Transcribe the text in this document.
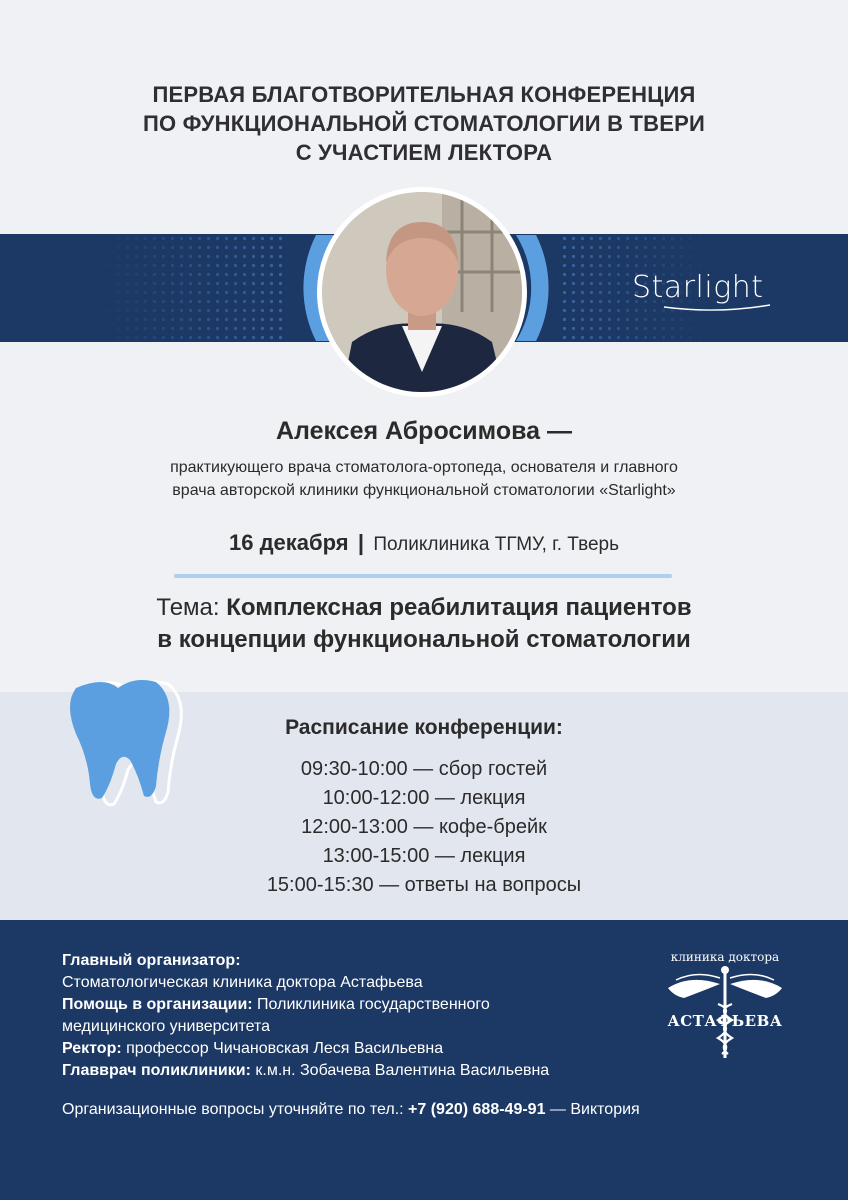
ПЕРВАЯ БЛАГОТВОРИТЕЛЬНАЯ КОНФЕРЕНЦИЯ
ПО ФУНКЦИОНАЛЬНОЙ СТОМАТОЛОГИИ В ТВЕРИ
С УЧАСТИЕМ ЛЕКТОРА
Starlight
Алексея Абросимова —
практикующего врача стоматолога-ортопеда, основателя и главного
врача авторской клиники функциональной стоматологии «Starlight»
16 декабря | Поликлиника ТГМУ, г. Тверь
Тема: Комплексная реабилитация пациентов
в концепции функциональной стоматологии
Расписание конференции:
09:30-10:00 — сбор гостей
10:00-12:00 — лекция
12:00-13:00 — кофе-брейк
13:00-15:00 — лекция
15:00-15:30 — ответы на вопросы
Главный организатор:
Стоматологическая клиника доктора Астафьева
Помощь в организации: Поликлиника государственного
медицинского университета
Ректор: профессор Чичановская Леся Васильевна
Главврач поликлиники: к.м.н. Зобачева Валентина Васильевна
Организационные вопросы уточняйте по тел.: +7 (920) 688-49-91 — Виктория
клиника доктора
АСТАФЬЕВА
